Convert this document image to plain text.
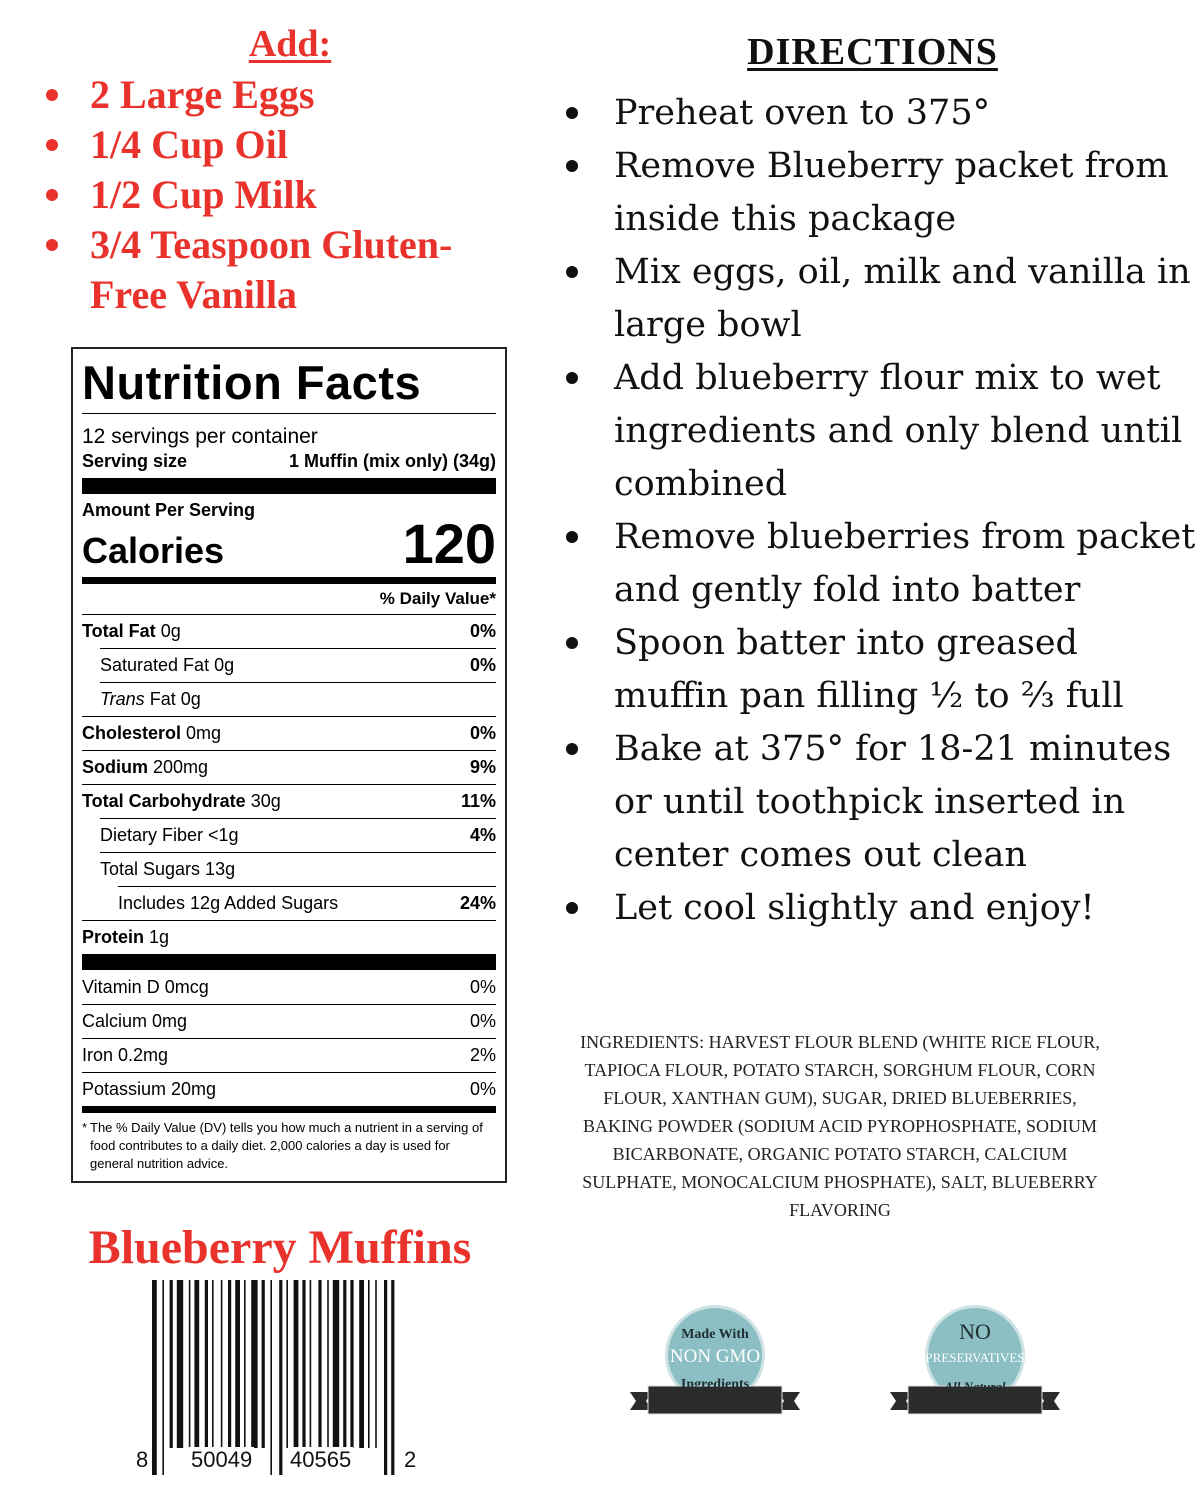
Add:
2 Large Eggs
1/4 Cup Oil
1/2 Cup Milk
3/4 Teaspoon Gluten-Free Vanilla
Nutrition Facts
12 servings per container
Serving size	1 Muffin (mix only) (34g)
Amount Per Serving
Calories	120
% Daily Value*
Total Fat 0g	0%
Saturated Fat 0g	0%
Trans Fat 0g
Cholesterol 0mg	0%
Sodium 200mg	9%
Total Carbohydrate 30g	11%
Dietary Fiber <1g	4%
Total Sugars 13g
Includes 12g Added Sugars	24%
Protein 1g
Vitamin D 0mcg	0%
Calcium 0mg	0%
Iron 0.2mg	2%
Potassium 20mg	0%
* The % Daily Value (DV) tells you how much a nutrient in a serving of food contributes to a daily diet. 2,000 calories a day is used for general nutrition advice.
Blueberry Muffins
8 50049 40565 2
DIRECTIONS
Preheat oven to 375°
Remove Blueberry packet from inside this package
Mix eggs, oil, milk and vanilla in large bowl
Add blueberry flour mix to wet ingredients and only blend until combined
Remove blueberries from packet and gently fold into batter
Spoon batter into greased muffin pan filling ½ to ⅔ full
Bake at 375° for 18-21 minutes or until toothpick inserted in center comes out clean
Let cool slightly and enjoy!
INGREDIENTS: HARVEST FLOUR BLEND (WHITE RICE FLOUR, TAPIOCA FLOUR, POTATO STARCH, SORGHUM FLOUR, CORN FLOUR, XANTHAN GUM), SUGAR, DRIED BLUEBERRIES, BAKING POWDER (SODIUM ACID PYROPHOSPHATE, SODIUM BICARBONATE, ORGANIC POTATO STARCH, CALCIUM SULPHATE, MONOCALCIUM PHOSPHATE), SALT, BLUEBERRY FLAVORING
Made With
NON GMO
Ingredients
NO
PRESERVATIVES
All Natural
